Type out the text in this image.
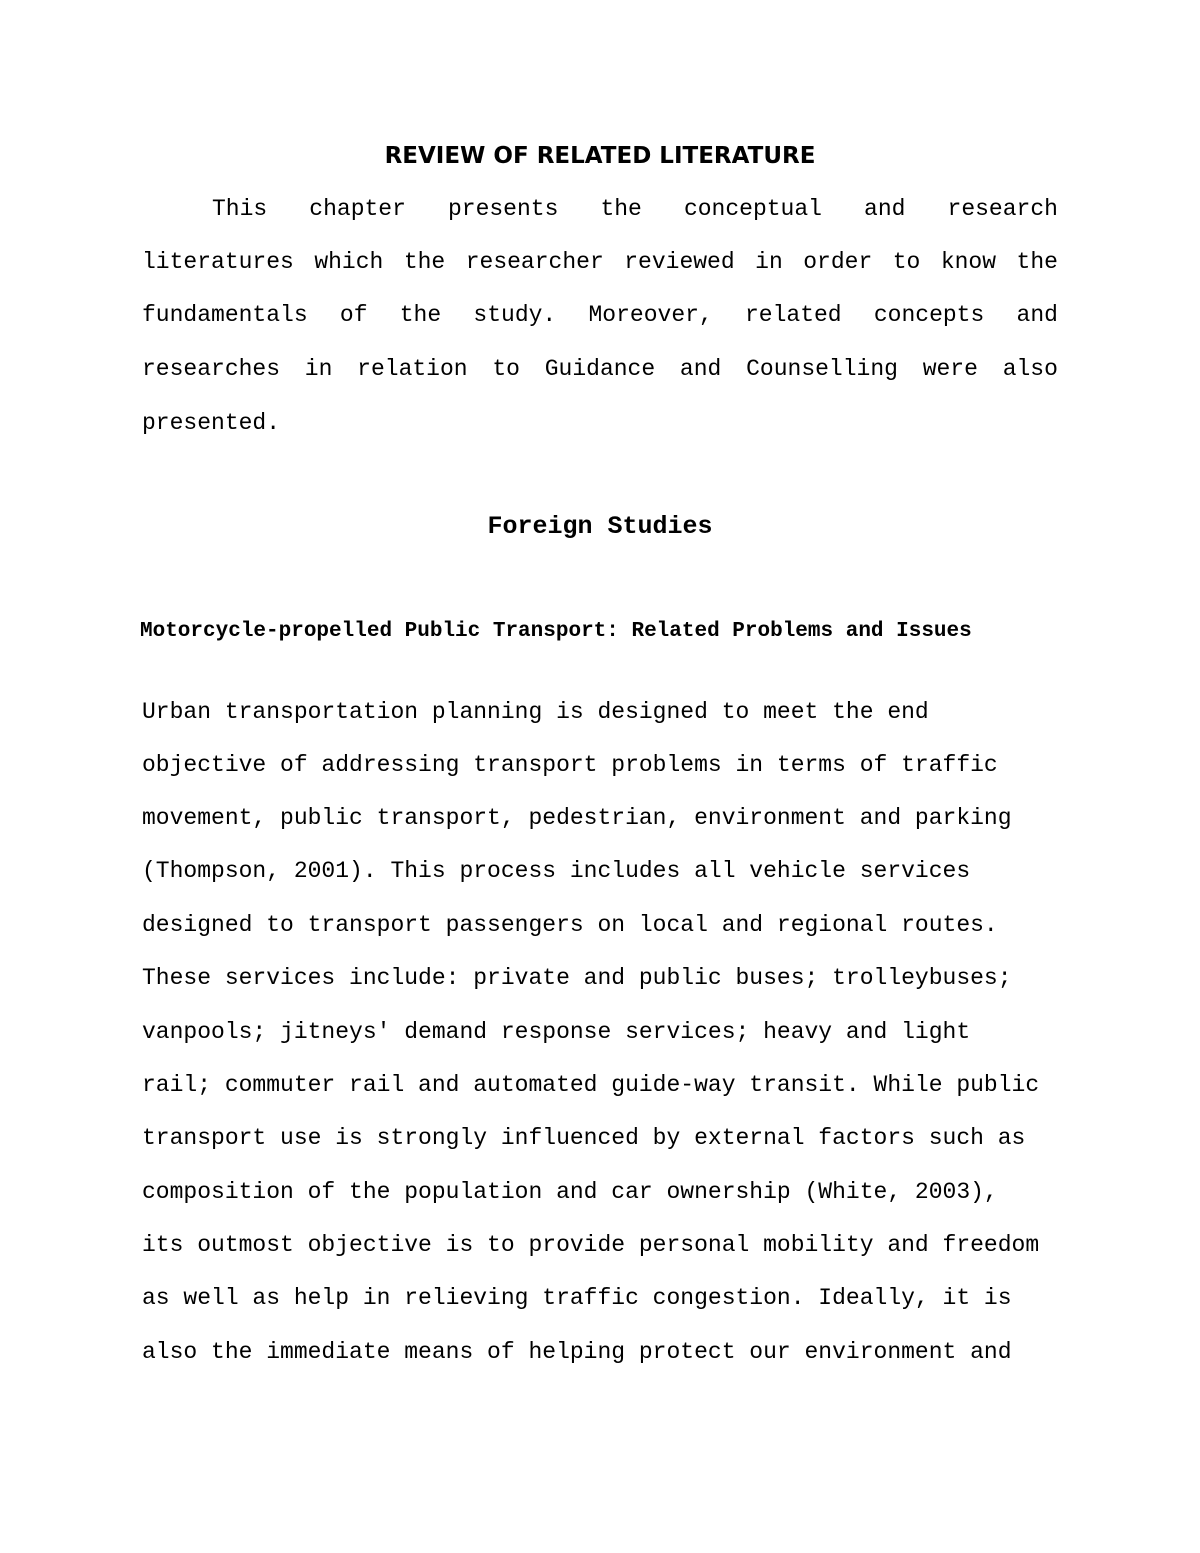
REVIEW OF RELATED LITERATURE
This chapter presents the conceptual and research
literatures which the researcher reviewed in order to know the
fundamentals of the study. Moreover, related concepts and
researches in relation to Guidance and Counselling were also
presented.
Foreign Studies
Motorcycle-propelled Public Transport: Related Problems and Issues
Urban transportation planning is designed to meet the end
objective of addressing transport problems in terms of traffic
movement, public transport, pedestrian, environment and parking
(Thompson, 2001). This process includes all vehicle services
designed to transport passengers on local and regional routes.
These services include: private and public buses; trolleybuses;
vanpools; jitneys' demand response services; heavy and light
rail; commuter rail and automated guide-way transit. While public
transport use is strongly influenced by external factors such as
composition of the population and car ownership (White, 2003),
its outmost objective is to provide personal mobility and freedom
as well as help in relieving traffic congestion. Ideally, it is
also the immediate means of helping protect our environment and
